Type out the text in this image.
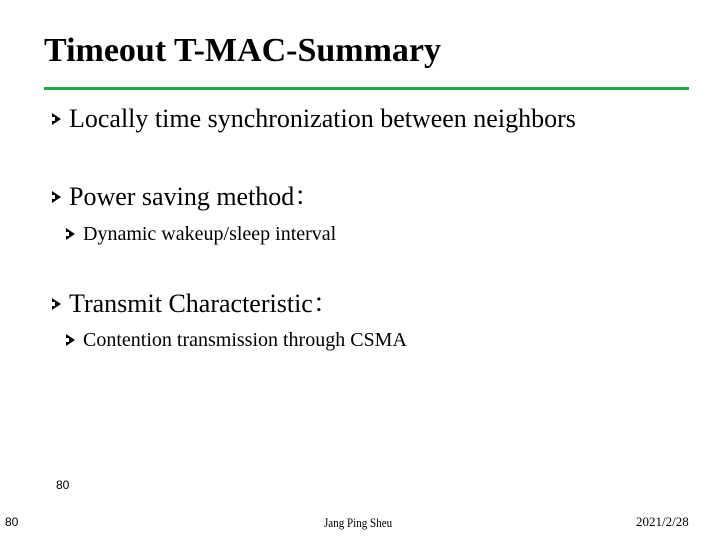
Timeout T-MAC-Summary
Locally time synchronization between neighbors
Power saving method：
Dynamic wakeup/sleep interval
Transmit Characteristic：
Contention transmission through CSMA
80
80	Jang Ping Sheu	2021/2/28
